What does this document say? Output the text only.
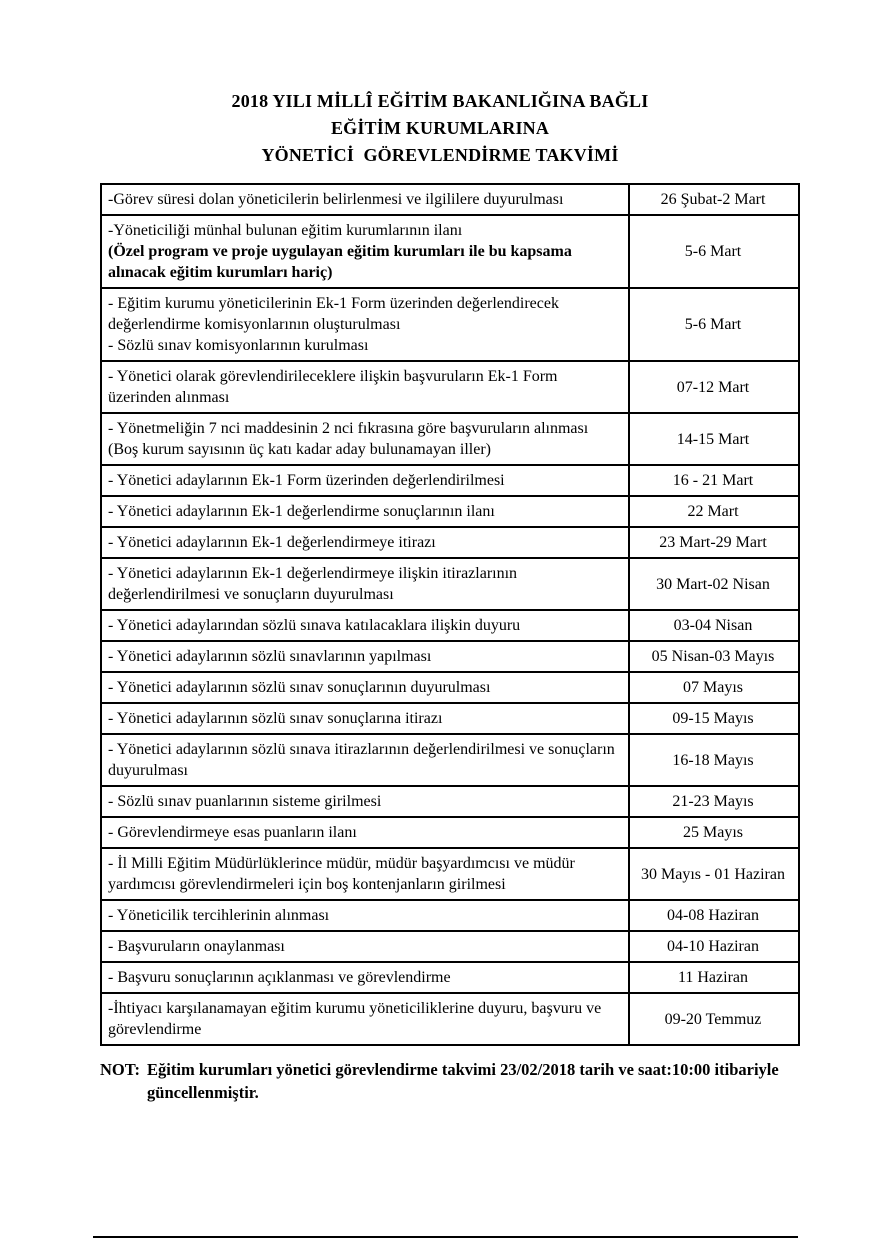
2018 YILI MİLLÎ EĞİTİM BAKANLIĞINA BAĞLI
EĞİTİM KURUMLARINA
YÖNETİCİ  GÖREVLENDİRME TAKVİMİ
-Görev süresi dolan yöneticilerin belirlenmesi ve ilgililere duyurulması	26 Şubat-2 Mart

-Yöneticiliği münhal bulunan eğitim kurumlarının ilanı
(Özel program ve proje uygulayan eğitim kurumları ile bu kapsama alınacak eğitim kurumları hariç)	5-6 Mart

- Eğitim kurumu yöneticilerinin Ek-1 Form üzerinden değerlendirecek değerlendirme komisyonlarının oluşturulması
- Sözlü sınav komisyonlarının kurulması	5-6 Mart

- Yönetici olarak görevlendirileceklere ilişkin başvuruların Ek-1 Form üzerinden alınması	07-12 Mart

- Yönetmeliğin 7 nci maddesinin 2 nci fıkrasına göre başvuruların alınması (Boş kurum sayısının üç katı kadar aday bulunamayan iller)	14-15 Mart

- Yönetici adaylarının Ek-1 Form üzerinden değerlendirilmesi	16 - 21 Mart

- Yönetici adaylarının Ek-1 değerlendirme sonuçlarının ilanı	22 Mart

- Yönetici adaylarının Ek-1 değerlendirmeye itirazı	23 Mart-29 Mart

- Yönetici adaylarının Ek-1 değerlendirmeye ilişkin itirazlarının değerlendirilmesi ve sonuçların duyurulması	30 Mart-02 Nisan

- Yönetici adaylarından sözlü sınava katılacaklara ilişkin duyuru	03-04 Nisan

- Yönetici adaylarının sözlü sınavlarının yapılması	05 Nisan-03 Mayıs

- Yönetici adaylarının sözlü sınav sonuçlarının duyurulması	07 Mayıs

- Yönetici adaylarının sözlü sınav sonuçlarına itirazı	09-15 Mayıs

- Yönetici adaylarının sözlü sınava itirazlarının değerlendirilmesi ve sonuçların duyurulması	16-18 Mayıs

- Sözlü sınav puanlarının sisteme girilmesi	21-23 Mayıs

- Görevlendirmeye esas puanların ilanı	25 Mayıs

- İl Milli Eğitim Müdürlüklerince müdür, müdür başyardımcısı ve müdür yardımcısı görevlendirmeleri için boş kontenjanların girilmesi	30 Mayıs - 01 Haziran

- Yöneticilik tercihlerinin alınması	04-08 Haziran

- Başvuruların onaylanması	04-10 Haziran

- Başvuru sonuçlarının açıklanması ve görevlendirme	11 Haziran

-İhtiyacı karşılanamayan eğitim kurumu yöneticiliklerine duyuru, başvuru ve görevlendirme	09-20 Temmuz
NOT: Eğitim kurumları yönetici görevlendirme takvimi 23/02/2018 tarih ve saat:10:00 itibariyle güncellenmiştir.
